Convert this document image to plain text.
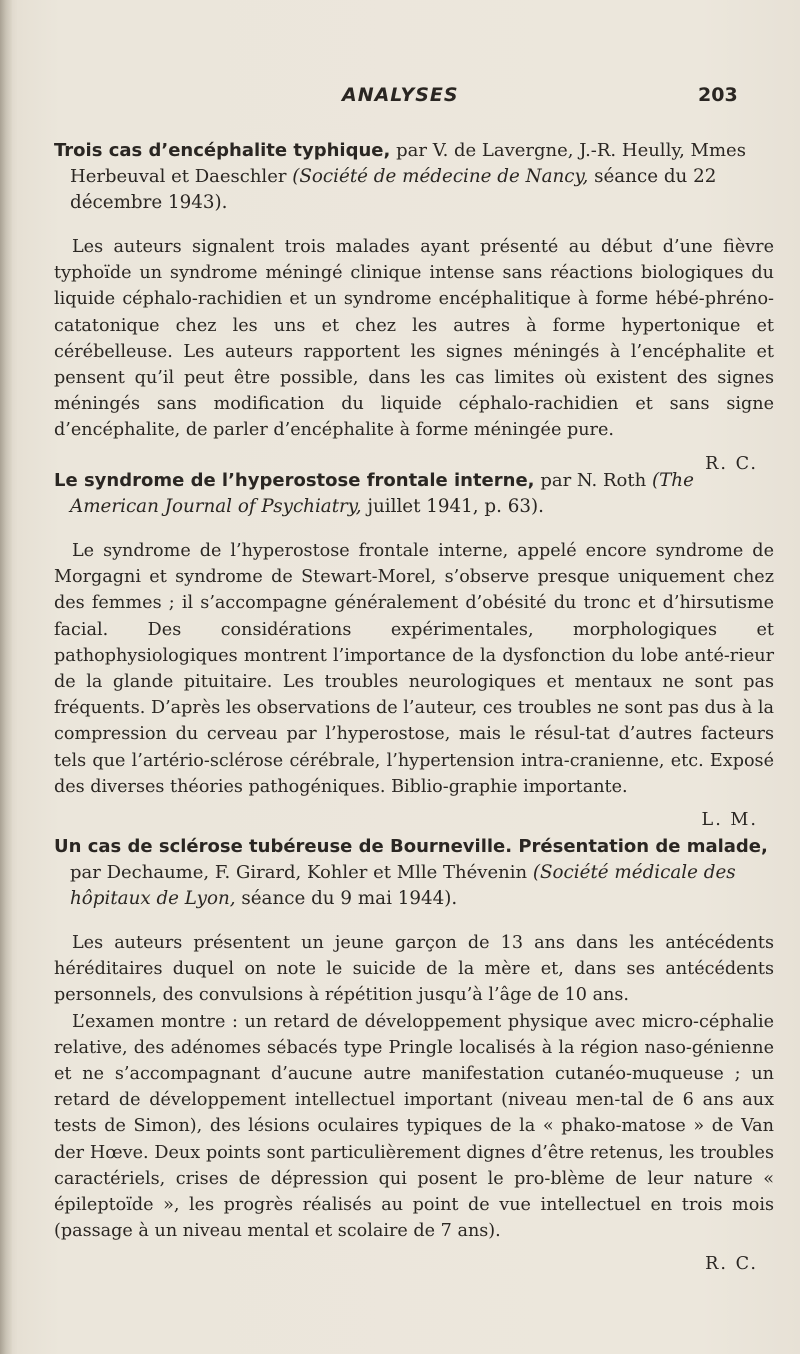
ANALYSES	203
Trois cas d’encéphalite typhique, par V. de Lavergne, J.-R. Heully, Mmes Herbeuval et Daeschler (Société de médecine de Nancy, séance du 22 décembre 1943).

Les auteurs signalent trois malades ayant présenté au début d’une fièvre typhoïde un syndrome méningé clinique intense sans réactions biologiques du liquide céphalo-rachidien et un syndrome encéphalitique à forme hébé-phréno-catatonique chez les uns et chez les autres à forme hypertonique et cérébelleuse. Les auteurs rapportent les signes méningés à l’encéphalite et pensent qu’il peut être possible, dans les cas limites où existent des signes méningés sans modification du liquide céphalo-rachidien et sans signe d’encéphalite, de parler d’encéphalite à forme méningée pure.

R. C.
Le syndrome de l’hyperostose frontale interne, par N. Roth (The American Journal of Psychiatry, juillet 1941, p. 63).

Le syndrome de l’hyperostose frontale interne, appelé encore syndrome de Morgagni et syndrome de Stewart-Morel, s’observe presque uniquement chez des femmes ; il s’accompagne généralement d’obésité du tronc et d’hirsutisme facial. Des considérations expérimentales, morphologiques et pathophysiologiques montrent l’importance de la dysfonction du lobe anté-rieur de la glande pituitaire. Les troubles neurologiques et mentaux ne sont pas fréquents. D’après les observations de l’auteur, ces troubles ne sont pas dus à la compression du cerveau par l’hyperostose, mais le résul-tat d’autres facteurs tels que l’artério-sclérose cérébrale, l’hypertension intra-cranienne, etc. Exposé des diverses théories pathogéniques. Biblio-graphie importante.

L. M.
Un cas de sclérose tubéreuse de Bourneville. Présentation de malade, par Dechaume, F. Girard, Kohler et Mlle Thévenin (Société médicale des hôpitaux de Lyon, séance du 9 mai 1944).

Les auteurs présentent un jeune garçon de 13 ans dans les antécédents héréditaires duquel on note le suicide de la mère et, dans ses antécédents personnels, des convulsions à répétition jusqu’à l’âge de 10 ans.

L’examen montre : un retard de développement physique avec micro-céphalie relative, des adénomes sébacés type Pringle localisés à la région naso-génienne et ne s’accompagnant d’aucune autre manifestation cutanéo-muqueuse ; un retard de développement intellectuel important (niveau men-tal de 6 ans aux tests de Simon), des lésions oculaires typiques de la « phako-matose » de Van der Hœve. Deux points sont particulièrement dignes d’être retenus, les troubles caractériels, crises de dépression qui posent le pro-blème de leur nature « épileptoïde », les progrès réalisés au point de vue intellectuel en trois mois (passage à un niveau mental et scolaire de 7 ans).

R. C.
